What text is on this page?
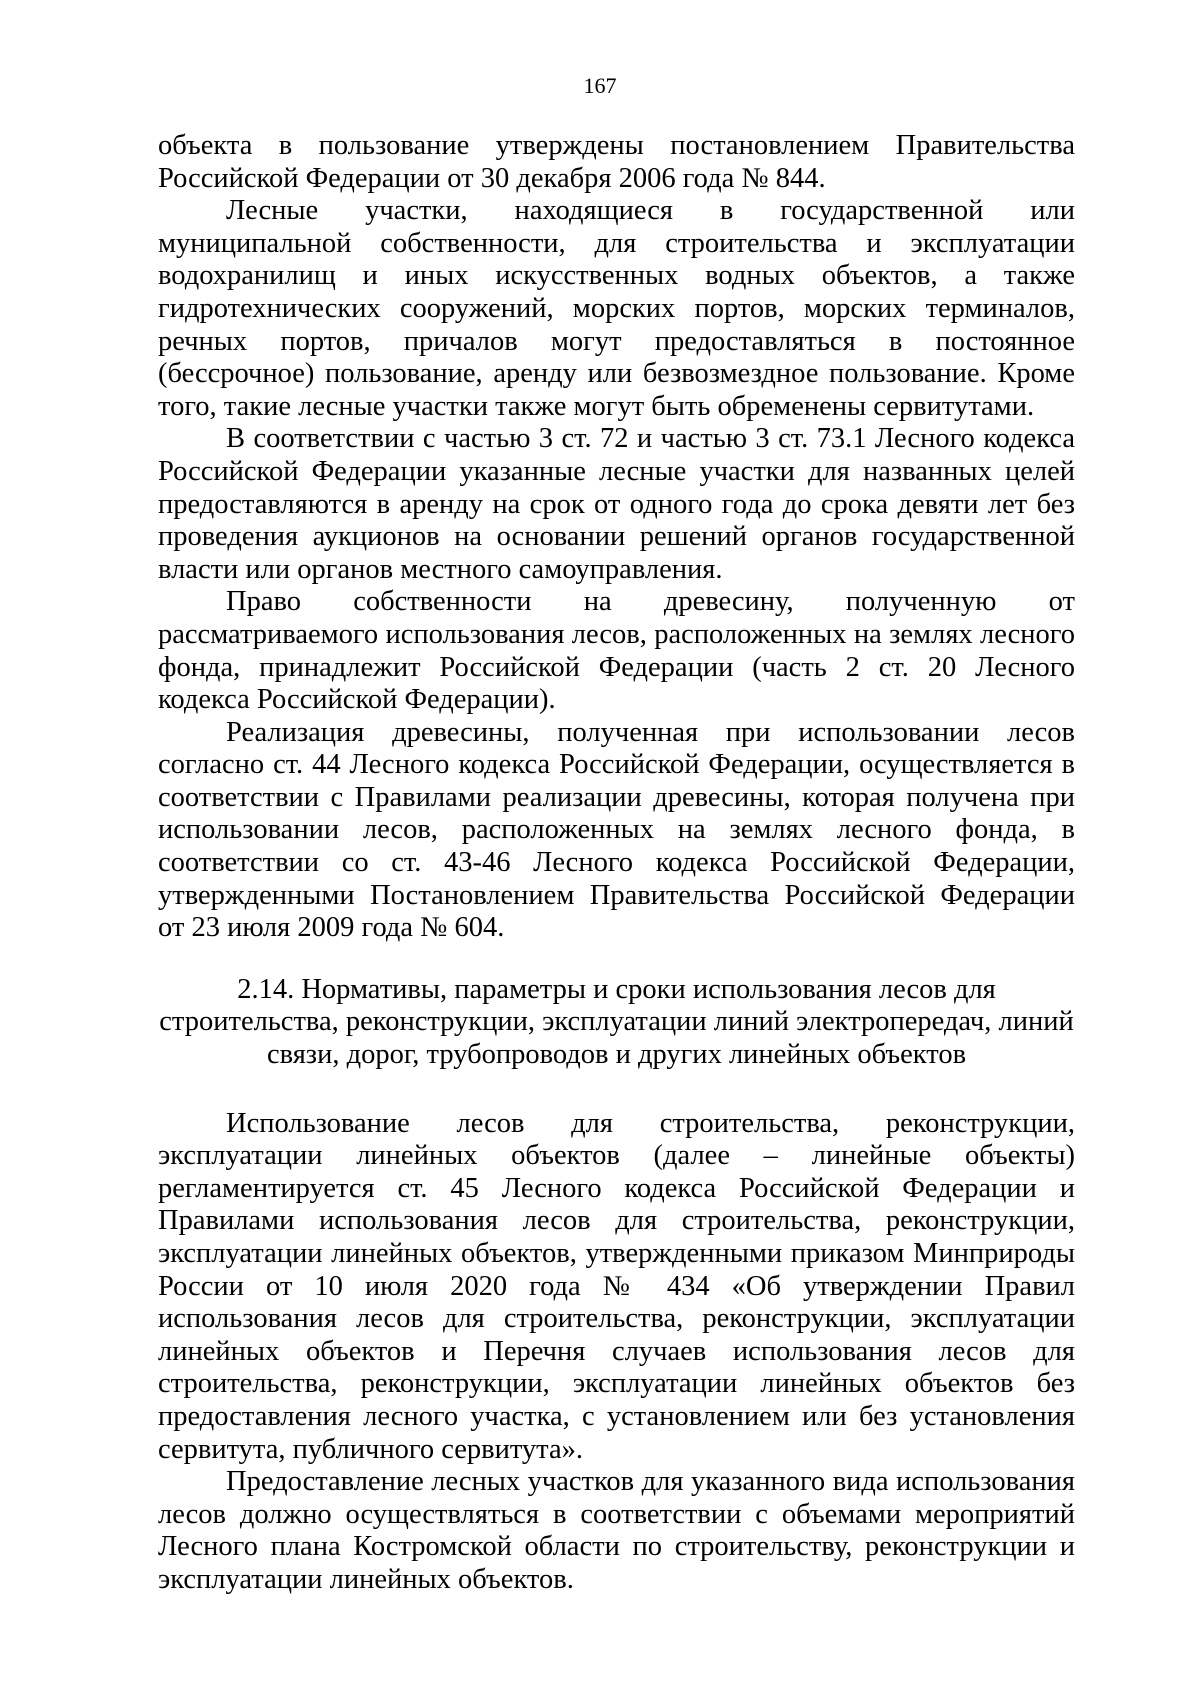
167

объекта в пользование утверждены постановлением Правительства Российской Федерации от 30 декабря 2006 года № 844.

Лесные участки, находящиеся в государственной или муниципальной собственности, для строительства и эксплуатации водохранилищ и иных искусственных водных объектов, а также гидротехнических сооружений, морских портов, морских терминалов, речных портов, причалов могут предоставляться в постоянное (бессрочное) пользование, аренду или безвозмездное пользование. Кроме того, такие лесные участки также могут быть обременены сервитутами.

В соответствии с частью 3 ст. 72 и частью 3 ст. 73.1 Лесного кодекса Российской Федерации указанные лесные участки для названных целей предоставляются в аренду на срок от одного года до срока девяти лет без проведения аукционов на основании решений органов государственной власти или органов местного самоуправления.

Право собственности на древесину, полученную от рассматриваемого использования лесов, расположенных на землях лесного фонда, принадлежит Российской Федерации (часть 2 ст. 20 Лесного кодекса Российской Федерации).

Реализация древесины, полученная при использовании лесов согласно ст. 44 Лесного кодекса Российской Федерации, осуществляется в соответствии с Правилами реализации древесины, которая получена при использовании лесов, расположенных на землях лесного фонда, в соответствии со ст. 43-46 Лесного кодекса Российской Федерации, утвержденными Постановлением Правительства Российской Федерации от 23 июля 2009 года № 604.

2.14. Нормативы, параметры и сроки использования лесов для
строительства, реконструкции, эксплуатации линий электропередач, линий
связи, дорог, трубопроводов и других линейных объектов

Использование лесов для строительства, реконструкции, эксплуатации линейных объектов (далее – линейные объекты) регламентируется ст. 45 Лесного кодекса Российской Федерации и Правилами использования лесов для строительства, реконструкции, эксплуатации линейных объектов, утвержденными приказом Минприроды России от 10 июля 2020 года № 434 «Об утверждении Правил использования лесов для строительства, реконструкции, эксплуатации линейных объектов и Перечня случаев использования лесов для строительства, реконструкции, эксплуатации линейных объектов без предоставления лесного участка, с установлением или без установления сервитута, публичного сервитута».

Предоставление лесных участков для указанного вида использования лесов должно осуществляться в соответствии с объемами мероприятий Лесного плана Костромской области по строительству, реконструкции и эксплуатации линейных объектов.
